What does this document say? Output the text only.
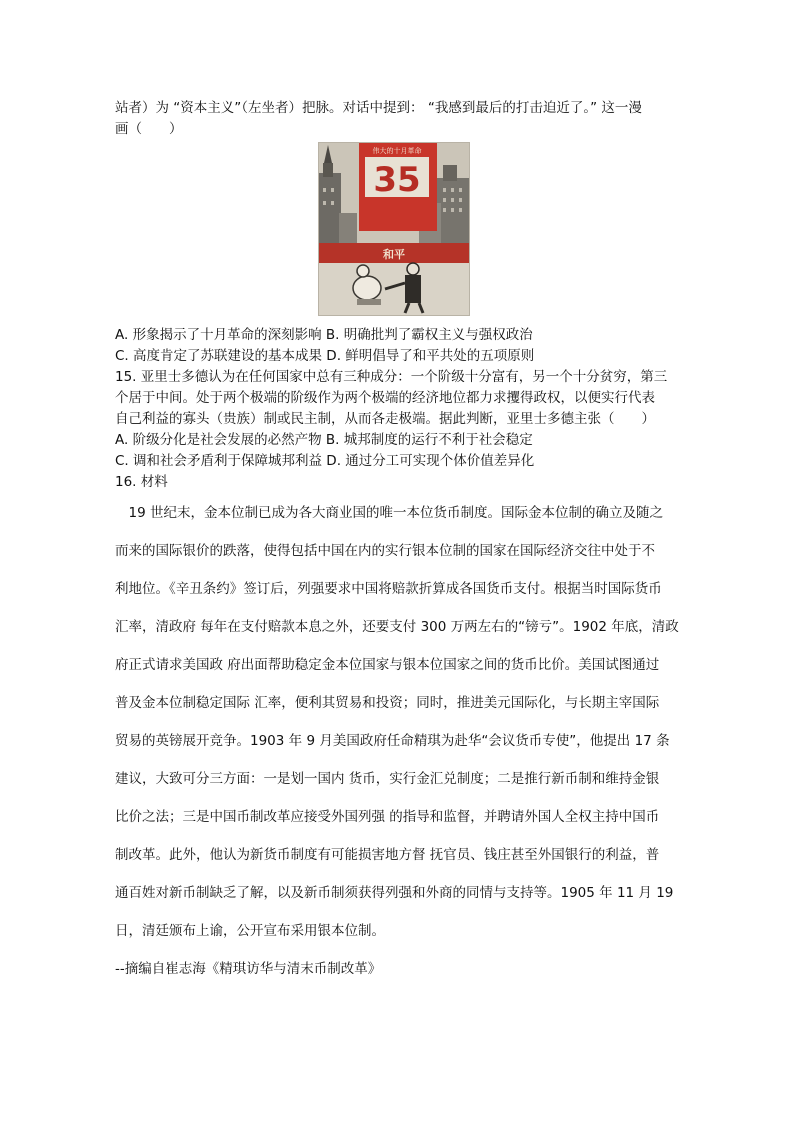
站者）为 “资本主义”（左坐者）把脉。对话中提到： “我感到最后的打击迫近了。” 这一漫
画（　　）
35
伟大的十月革命
和平
A. 形象揭示了十月革命的深刻影响 B. 明确批判了霸权主义与强权政治
C. 高度肯定了苏联建设的基本成果 D. 鲜明倡导了和平共处的五项原则
15. 亚里士多德认为在任何国家中总有三种成分：一个阶级十分富有，另一个十分贫穷，第三
个居于中间。处于两个极端的阶级作为两个极端的经济地位都力求攫得政权，以便实行代表
自己利益的寡头（贵族）制或民主制，从而各走极端。据此判断，亚里士多德主张（　　）
A. 阶级分化是社会发展的必然产物 B. 城邦制度的运行不利于社会稳定
C. 调和社会矛盾利于保障城邦利益 D. 通过分工可实现个体价值差异化
16. 材料
　19 世纪末，金本位制已成为各大商业国的唯一本位货币制度。国际金本位制的确立及随之
而来的国际银价的跌落，使得包括中国在内的实行银本位制的国家在国际经济交往中处于不
利地位。《辛丑条约》签订后，列强要求中国将赔款折算成各国货币支付。根据当时国际货币
汇率，清政府 每年在支付赔款本息之外，还要支付 300 万两左右的“镑亏”。1902 年底，清政
府正式请求美国政 府出面帮助稳定金本位国家与银本位国家之间的货币比价。美国试图通过
普及金本位制稳定国际 汇率，便利其贸易和投资；同时，推进美元国际化，与长期主宰国际
贸易的英镑展开竞争。1903 年 9 月美国政府任命精琪为赴华“会议货币专使”，他提出 17 条
建议，大致可分三方面：一是划一国内 货币，实行金汇兑制度；二是推行新币制和维持金银
比价之法；三是中国币制改革应接受外国列强 的指导和监督，并聘请外国人全权主持中国币
制改革。此外，他认为新货币制度有可能损害地方督 抚官员、钱庄甚至外国银行的利益，普
通百姓对新币制缺乏了解，以及新币制须获得列强和外商的同情与支持等。1905 年 11 月 19
日，清廷颁布上谕，公开宣布采用银本位制。
--摘编自崔志海《精琪访华与清末币制改革》
